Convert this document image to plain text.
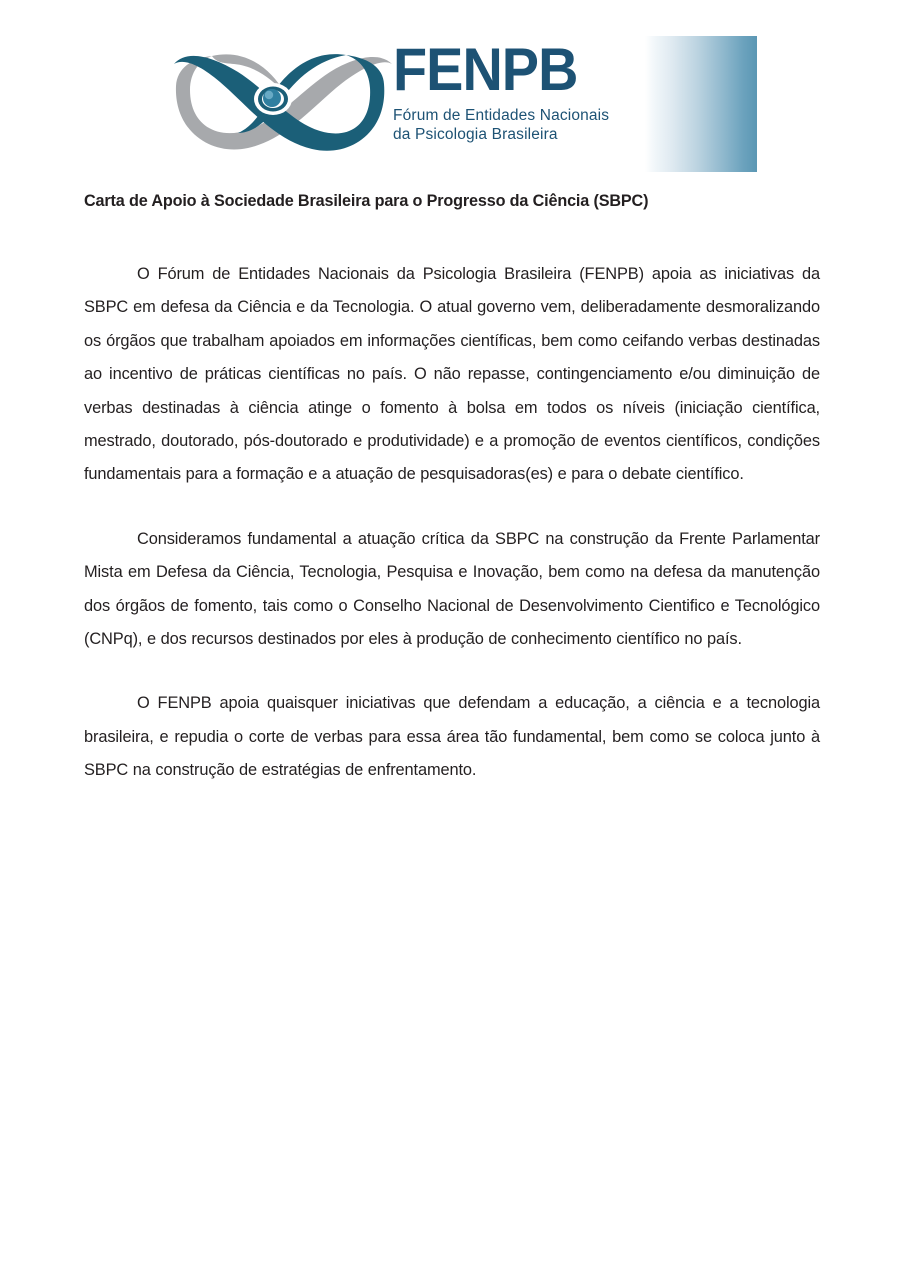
FENPB
Fórum de Entidades Nacionais
da Psicologia Brasileira
Carta de Apoio à Sociedade Brasileira para o Progresso da Ciência (SBPC)

O Fórum de Entidades Nacionais da Psicologia Brasileira (FENPB) apoia as iniciativas da SBPC em defesa da Ciência e da Tecnologia. O atual governo vem, deliberadamente desmoralizando os órgãos que trabalham apoiados em informações científicas, bem como ceifando verbas destinadas ao incentivo de práticas científicas no país. O não repasse, contingenciamento e/ou diminuição de verbas destinadas à ciência atinge o fomento à bolsa em todos os níveis (iniciação científica, mestrado, doutorado, pós-doutorado e produtividade) e a promoção de eventos científicos, condições fundamentais para a formação e a atuação de pesquisadoras(es) e para o debate científico.

Consideramos fundamental a atuação crítica da SBPC na construção da Frente Parlamentar Mista em Defesa da Ciência, Tecnologia, Pesquisa e Inovação, bem como na defesa da manutenção dos órgãos de fomento, tais como o Conselho Nacional de Desenvolvimento Cientifico e Tecnológico (CNPq), e dos recursos destinados por eles à produção de conhecimento científico no país.

O FENPB apoia quaisquer iniciativas que defendam a educação, a ciência e a tecnologia brasileira, e repudia o corte de verbas para essa área tão fundamental, bem como se coloca junto à SBPC na construção de estratégias de enfrentamento.
